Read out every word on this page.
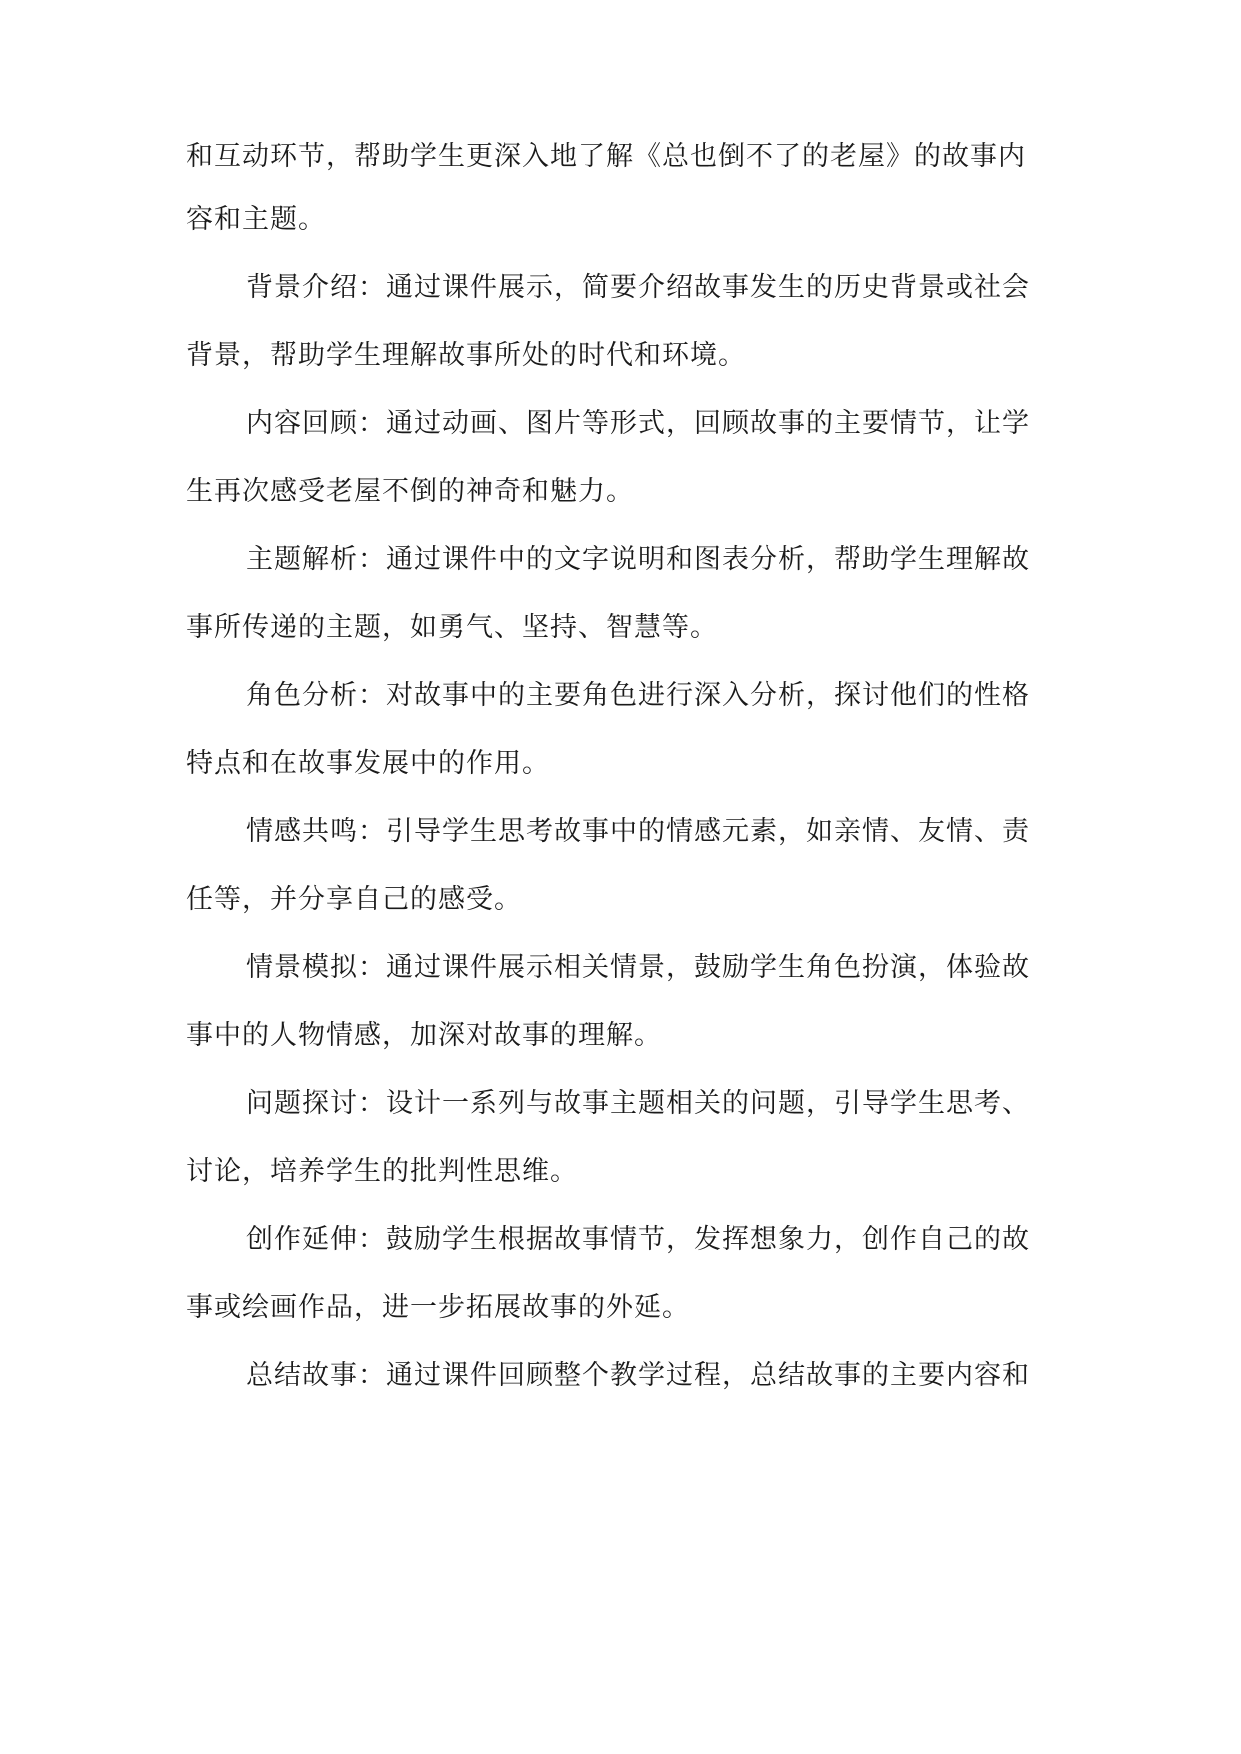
和互动环节，帮助学生更深入地了解《总也倒不了的老屋》的故事内
容和主题。
背景介绍：通过课件展示，简要介绍故事发生的历史背景或社会
背景，帮助学生理解故事所处的时代和环境。
内容回顾：通过动画、图片等形式，回顾故事的主要情节，让学
生再次感受老屋不倒的神奇和魅力。
主题解析：通过课件中的文字说明和图表分析，帮助学生理解故
事所传递的主题，如勇气、坚持、智慧等。
角色分析：对故事中的主要角色进行深入分析，探讨他们的性格
特点和在故事发展中的作用。
情感共鸣：引导学生思考故事中的情感元素，如亲情、友情、责
任等，并分享自己的感受。
情景模拟：通过课件展示相关情景，鼓励学生角色扮演，体验故
事中的人物情感，加深对故事的理解。
问题探讨：设计一系列与故事主题相关的问题，引导学生思考、
讨论，培养学生的批判性思维。
创作延伸：鼓励学生根据故事情节，发挥想象力，创作自己的故
事或绘画作品，进一步拓展故事的外延。
总结故事：通过课件回顾整个教学过程，总结故事的主要内容和
